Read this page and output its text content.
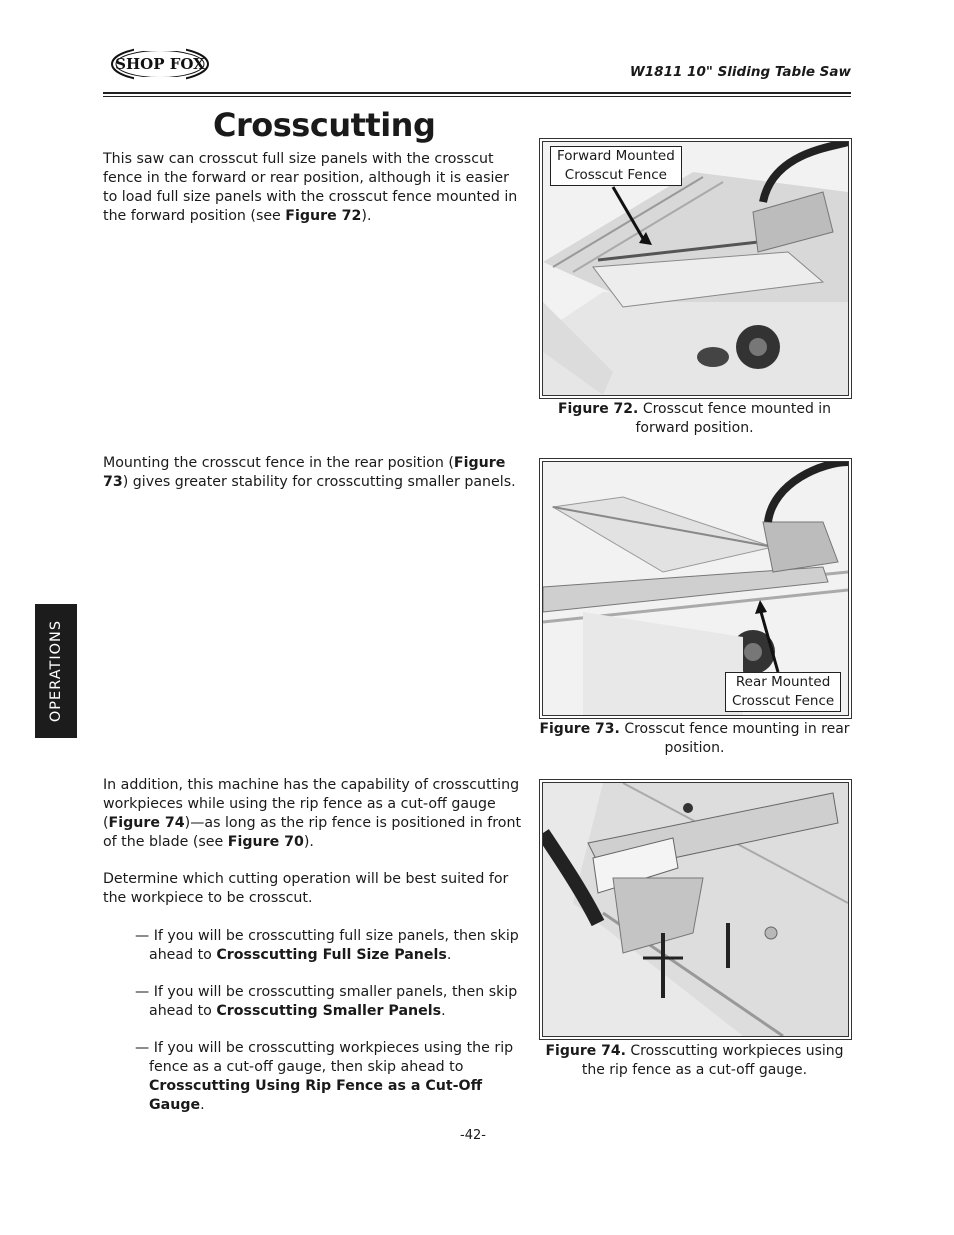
SHOP FOX	W1811 10" Sliding Table Saw
Crosscutting
This saw can crosscut full size panels with the crosscut fence in the forward or rear position, although it is easier to load full size panels with the crosscut fence mounted in the forward position (see Figure 72).
Forward Mounted
Crosscut Fence
Figure 72. Crosscut fence mounted in forward position.
Mounting the crosscut fence in the rear position (Figure 73) gives greater stability for crosscutting smaller panels.
Rear Mounted
Crosscut Fence
Figure 73. Crosscut fence mounting in rear position.
In addition, this machine has the capability of crosscutting workpieces while using the rip fence as a cut-off gauge (Figure 74)—as long as the rip fence is positioned in front of the blade (see Figure 70).
Determine which cutting operation will be best suited for the workpiece to be crosscut.
— If you will be crosscutting full size panels, then skip ahead to Crosscutting Full Size Panels.
— If you will be crosscutting smaller panels, then skip ahead to Crosscutting Smaller Panels.
— If you will be crosscutting workpieces using the rip fence as a cut-off gauge, then skip ahead to Crosscutting Using Rip Fence as a Cut-Off Gauge.
Figure 74. Crosscutting workpieces using the rip fence as a cut-off gauge.
OPERATIONS
-42-
